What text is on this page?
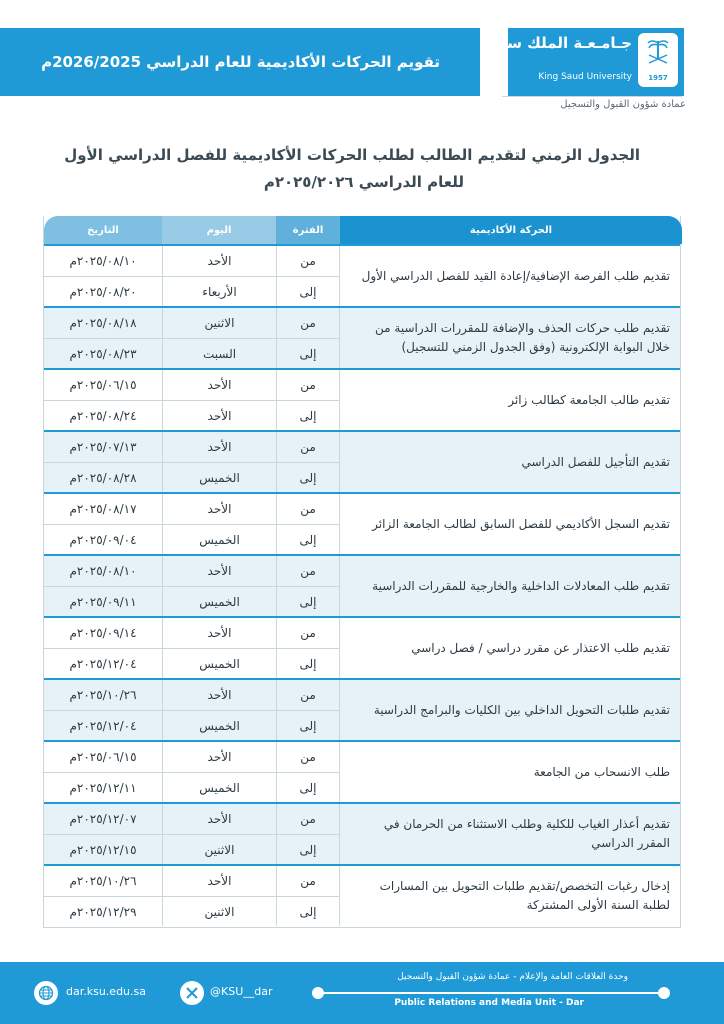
تقويم الحركات الأكاديمية للعام الدراسي 2026/2025م
جـامـعـة الملك سعود
King Saud University 1957
عمادة شؤون القبول والتسجيل
الجدول الزمني لتقديم الطالب لطلب الحركات الأكاديمية للفصل الدراسي الأول
للعام الدراسي ٢٠٢٥/٢٠٢٦م
الحركة الأكاديمية
الفترة
اليوم
التاريخ
تقديم طلب الفرصة الإضافية/إعادة القيد للفصل الدراسي الأول
من
الأحد
٢٠٢٥/٠٨/١٠م
إلى
الأربعاء
٢٠٢٥/٠٨/٢٠م
تقديم طلب حركات الحذف والإضافة للمقررات الدراسية من خلال البوابة الإلكترونية (وفق الجدول الزمني للتسجيل)
من
الاثنين
٢٠٢٥/٠٨/١٨م
إلى
السبت
٢٠٢٥/٠٨/٢٣م
تقديم طالب الجامعة كطالب زائر
من
الأحد
٢٠٢٥/٠٦/١٥م
إلى
الأحد
٢٠٢٥/٠٨/٢٤م
تقديم التأجيل للفصل الدراسي
من
الأحد
٢٠٢٥/٠٧/١٣م
إلى
الخميس
٢٠٢٥/٠٨/٢٨م
تقديم السجل الأكاديمي للفصل السابق لطالب الجامعة الزائر
من
الأحد
٢٠٢٥/٠٨/١٧م
إلى
الخميس
٢٠٢٥/٠٩/٠٤م
تقديم طلب المعادلات الداخلية والخارجية للمقررات الدراسية
من
الأحد
٢٠٢٥/٠٨/١٠م
إلى
الخميس
٢٠٢٥/٠٩/١١م
تقديم طلب الاعتذار عن مقرر دراسي / فصل دراسي
من
الأحد
٢٠٢٥/٠٩/١٤م
إلى
الخميس
٢٠٢٥/١٢/٠٤م
تقديم طلبات التحويل الداخلي بين الكليات والبرامج الدراسية
من
الأحد
٢٠٢٥/١٠/٢٦م
إلى
الخميس
٢٠٢٥/١٢/٠٤م
طلب الانسحاب من الجامعة
من
الأحد
٢٠٢٥/٠٦/١٥م
إلى
الخميس
٢٠٢٥/١٢/١١م
تقديم أعذار الغياب للكلية وطلب الاستثناء من الحرمان في المقرر الدراسي
من
الأحد
٢٠٢٥/١٢/٠٧م
إلى
الاثنين
٢٠٢٥/١٢/١٥م
إدخال رغبات التخصص/تقديم طلبات التحويل بين المسارات لطلبة السنة الأولى المشتركة
من
الأحد
٢٠٢٥/١٠/٢٦م
إلى
الاثنين
٢٠٢٥/١٢/٢٩م
dar.ksu.edu.sa	@KSU__dar
وحدة العلاقات العامة والإعلام - عمادة شؤون القبول والتسجيل
Public Relations and Media Unit - Dar
